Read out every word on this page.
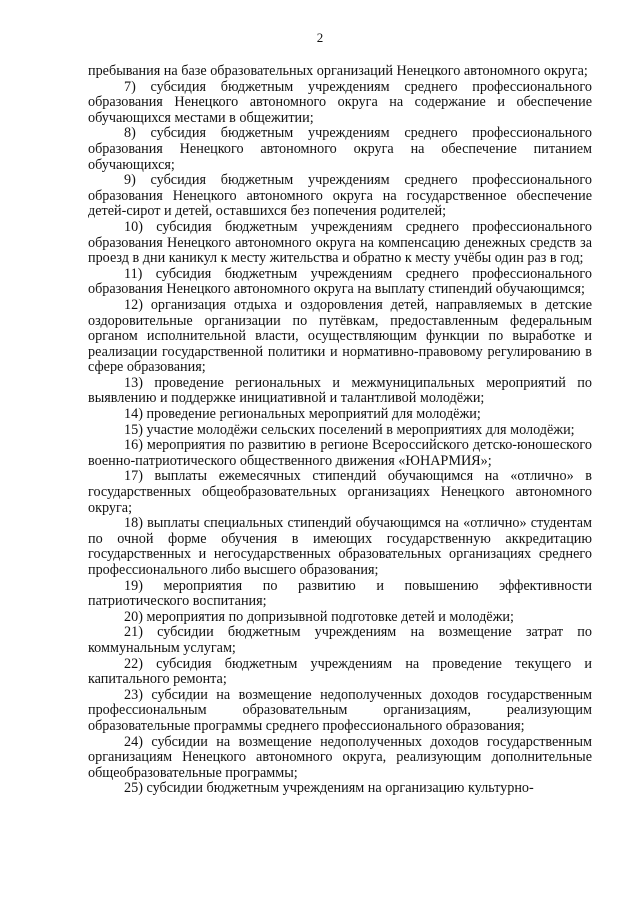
2

пребывания на базе образовательных организаций Ненецкого автономного округа;

7) субсидия бюджетным учреждениям среднего профессионального образования Ненецкого автономного округа на содержание и обеспечение обучающихся местами в общежитии;

8) субсидия бюджетным учреждениям среднего профессионального образования Ненецкого автономного округа на обеспечение питанием обучающихся;

9) субсидия бюджетным учреждениям среднего профессионального образования Ненецкого автономного округа на государственное обеспечение детей-сирот и детей, оставшихся без попечения родителей;

10) субсидия бюджетным учреждениям среднего профессионального образования Ненецкого автономного округа на компенсацию денежных средств за проезд в дни каникул к месту жительства и обратно к месту учёбы один раз в год;

11) субсидия бюджетным учреждениям среднего профессионального образования Ненецкого автономного округа на выплату стипендий обучающимся;

12) организация отдыха и оздоровления детей, направляемых в детские оздоровительные организации по путёвкам, предоставленным федеральным органом исполнительной власти, осуществляющим функции по выработке и реализации государственной политики и нормативно-правовому регулированию в сфере образования;

13) проведение региональных и межмуниципальных мероприятий по выявлению и поддержке инициативной и талантливой молодёжи;

14) проведение региональных мероприятий для молодёжи;

15) участие молодёжи сельских поселений в мероприятиях для молодёжи;

16) мероприятия по развитию в регионе Всероссийского детско-юношеского военно-патриотического общественного движения «ЮНАРМИЯ»;

17) выплаты ежемесячных стипендий обучающимся на «отлично» в государственных общеобразовательных организациях Ненецкого автономного округа;

18) выплаты специальных стипендий обучающимся на «отлично» студентам по очной форме обучения в имеющих государственную аккредитацию государственных и негосударственных образовательных организациях среднего профессионального либо высшего образования;

19) мероприятия по развитию и повышению эффективности патриотического воспитания;

20) мероприятия по допризывной подготовке детей и молодёжи;

21) субсидии бюджетным учреждениям на возмещение затрат по коммунальным услугам;

22) субсидия бюджетным учреждениям на проведение текущего и капитального ремонта;

23) субсидии на возмещение недополученных доходов государственным профессиональным образовательным организациям, реализующим образовательные программы среднего профессионального образования;

24) субсидии на возмещение недополученных доходов государственным организациям Ненецкого автономного округа, реализующим дополнительные общеобразовательные программы;

25) субсидии бюджетным учреждениям на организацию культурно-
